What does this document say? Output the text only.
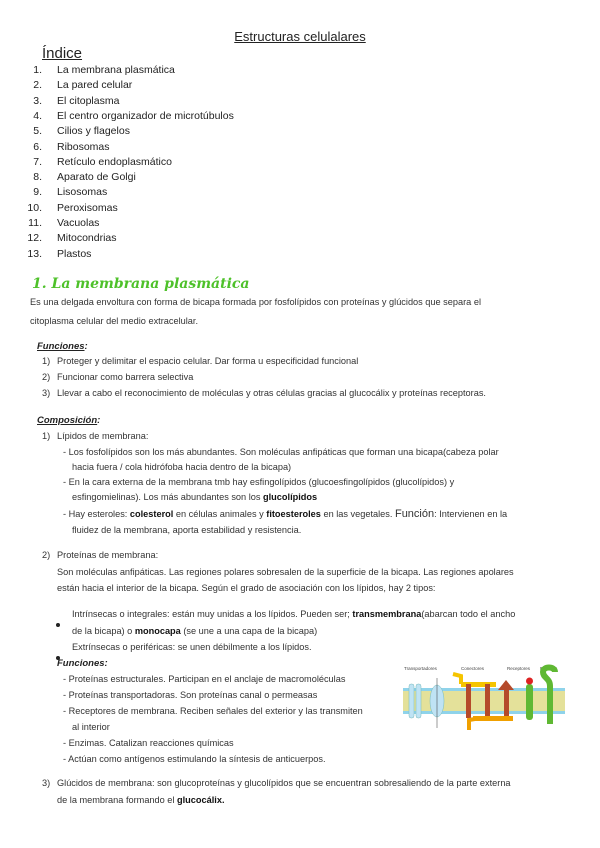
Estructuras celulalares
Índice
1. La membrana plasmática
2. La pared celular
3. El citoplasma
4. El centro organizador de microtúbulos
5. Cilios y flagelos
6. Ribosomas
7. Retículo endoplasmático
8. Aparato de Golgi
9. Lisosomas
10. Peroxisomas
11. Vacuolas
12. Mitocondrias
13. Plastos
1. La membrana plasmática
Es una delgada envoltura con forma de bicapa formada por fosfolípidos con proteínas y glúcidos que separa el
citoplasma celular del medio extracelular.
Funciones:
1) Proteger y delimitar el espacio celular. Dar forma u especificidad funcional
2) Funcionar como barrera selectiva
3) Llevar a cabo el reconocimiento de moléculas y otras células gracias al glucocálix y proteínas receptoras.
Composición:
1) Lípidos de membrana:
- Los fosfolípidos son los más abundantes. Son moléculas anfipáticas que forman una bicapa(cabeza polar
hacia fuera / cola hidrófoba hacia dentro de la bicapa)
- En la cara externa de la membrana tmb hay esfingolípidos (glucoesfingolípidos (glucolípidos) y
esfingomielinas). Los más abundantes son los glucolípidos
- Hay esteroles: colesterol en células animales y fitoesteroles en las vegetales. Función: Intervienen en la
fluidez de la membrana, aporta estabilidad y resistencia.
2) Proteínas de membrana:
Son moléculas anfipáticas. Las regiones polares sobresalen de la superficie de la bicapa. Las regiones apolares
están hacia el interior de la bicapa. Según el grado de asociación con los lípidos, hay 2 tipos:
Intrínsecas o integrales: están muy unidas a los lípidos. Pueden ser; transmembrana(abarcan todo el ancho
de la bicapa) o monocapa (se une a una capa de la bicapa)
Extrínsecas o periféricas: se unen débilmente a los lípidos.
Funciones:
- Proteínas estructurales. Participan en el anclaje de macromoléculas
- Proteínas transportadoras. Son proteínas canal o permeasas
- Receptores de membrana. Reciben señales del exterior y las transmiten
al interior
- Enzimas. Catalizan reacciones químicas
- Actúan como antígenos estimulando la síntesis de anticuerpos.
Transportadores	Conectores	Receptores Enzimas
3) Glúcidos de membrana: son glucoproteínas y glucolípidos que se encuentran sobresaliendo de la parte externa
de la membrana formando el glucocálix.
